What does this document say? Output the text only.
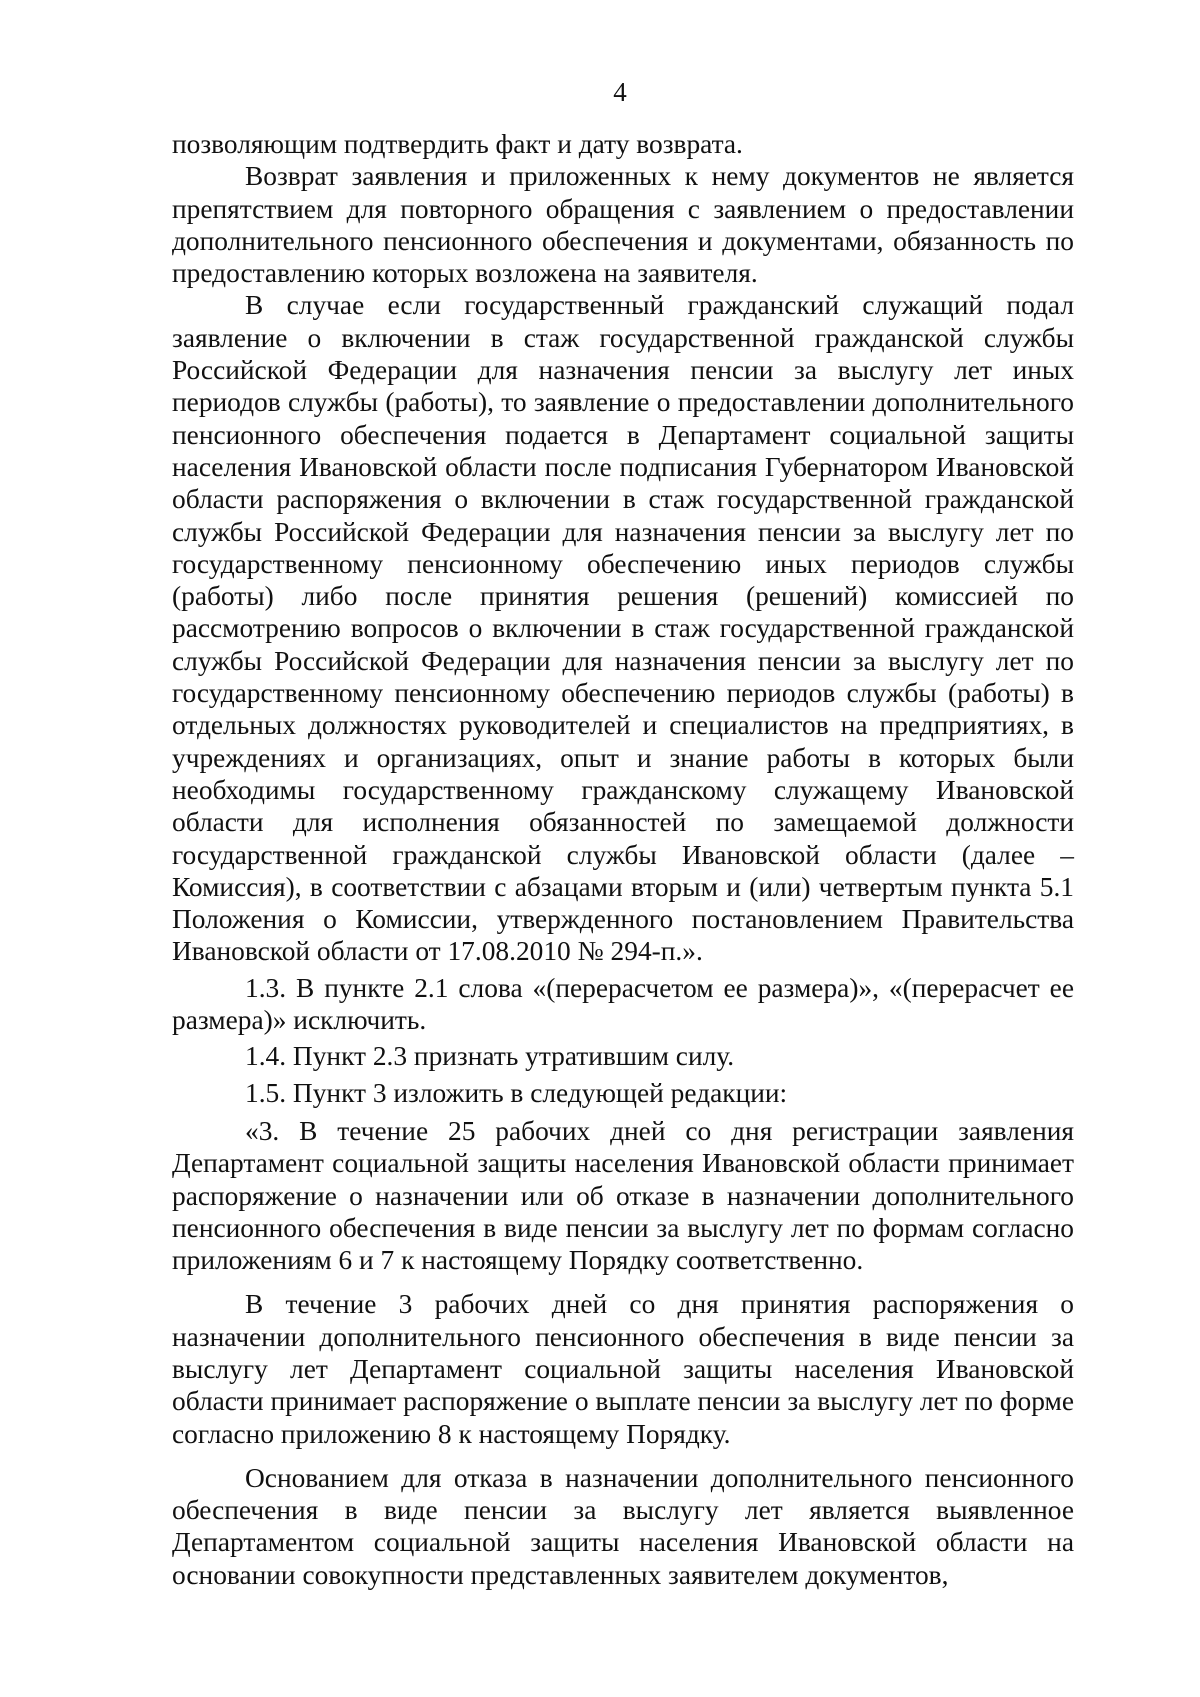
4

позволяющим подтвердить факт и дату возврата.

Возврат заявления и приложенных к нему документов не является препятствием для повторного обращения с заявлением о предоставлении дополнительного пенсионного обеспечения и документами, обязанность по предоставлению которых возложена на заявителя.

В случае если государственный гражданский служащий подал заявление о включении в стаж государственной гражданской службы Российской Федерации для назначения пенсии за выслугу лет иных периодов службы (работы), то заявление о предоставлении дополнительного пенсионного обеспечения подается в Департамент социальной защиты населения Ивановской области после подписания Губернатором Ивановской области распоряжения о включении в стаж государственной гражданской службы Российской Федерации для назначения пенсии за выслугу лет по государственному пенсионному обеспечению иных периодов службы (работы) либо после принятия решения (решений) комиссией по рассмотрению вопросов о включении в стаж государственной гражданской службы Российской Федерации для назначения пенсии за выслугу лет по государственному пенсионному обеспечению периодов службы (работы) в отдельных должностях руководителей и специалистов на предприятиях, в учреждениях и организациях, опыт и знание работы в которых были необходимы государственному гражданскому служащему Ивановской области для исполнения обязанностей по замещаемой должности государственной гражданской службы Ивановской области (далее – Комиссия), в соответствии с абзацами вторым и (или) четвертым пункта 5.1 Положения о Комиссии, утвержденного постановлением Правительства Ивановской области от 17.08.2010 № 294-п.».

1.3. В пункте 2.1 слова «(перерасчетом ее размера)», «(перерасчет ее размера)» исключить.

1.4. Пункт 2.3 признать утратившим силу.

1.5. Пункт 3 изложить в следующей редакции:

«3. В течение 25 рабочих дней со дня регистрации заявления Департамент социальной защиты населения Ивановской области принимает распоряжение о назначении или об отказе в назначении дополнительного пенсионного обеспечения в виде пенсии за выслугу лет по формам согласно приложениям 6 и 7 к настоящему Порядку соответственно.

В течение 3 рабочих дней со дня принятия распоряжения о назначении дополнительного пенсионного обеспечения в виде пенсии за выслугу лет Департамент социальной защиты населения Ивановской области принимает распоряжение о выплате пенсии за выслугу лет по форме согласно приложению 8 к настоящему Порядку.

Основанием для отказа в назначении дополнительного пенсионного обеспечения в виде пенсии за выслугу лет является выявленное Департаментом социальной защиты населения Ивановской области на основании совокупности представленных заявителем документов,
